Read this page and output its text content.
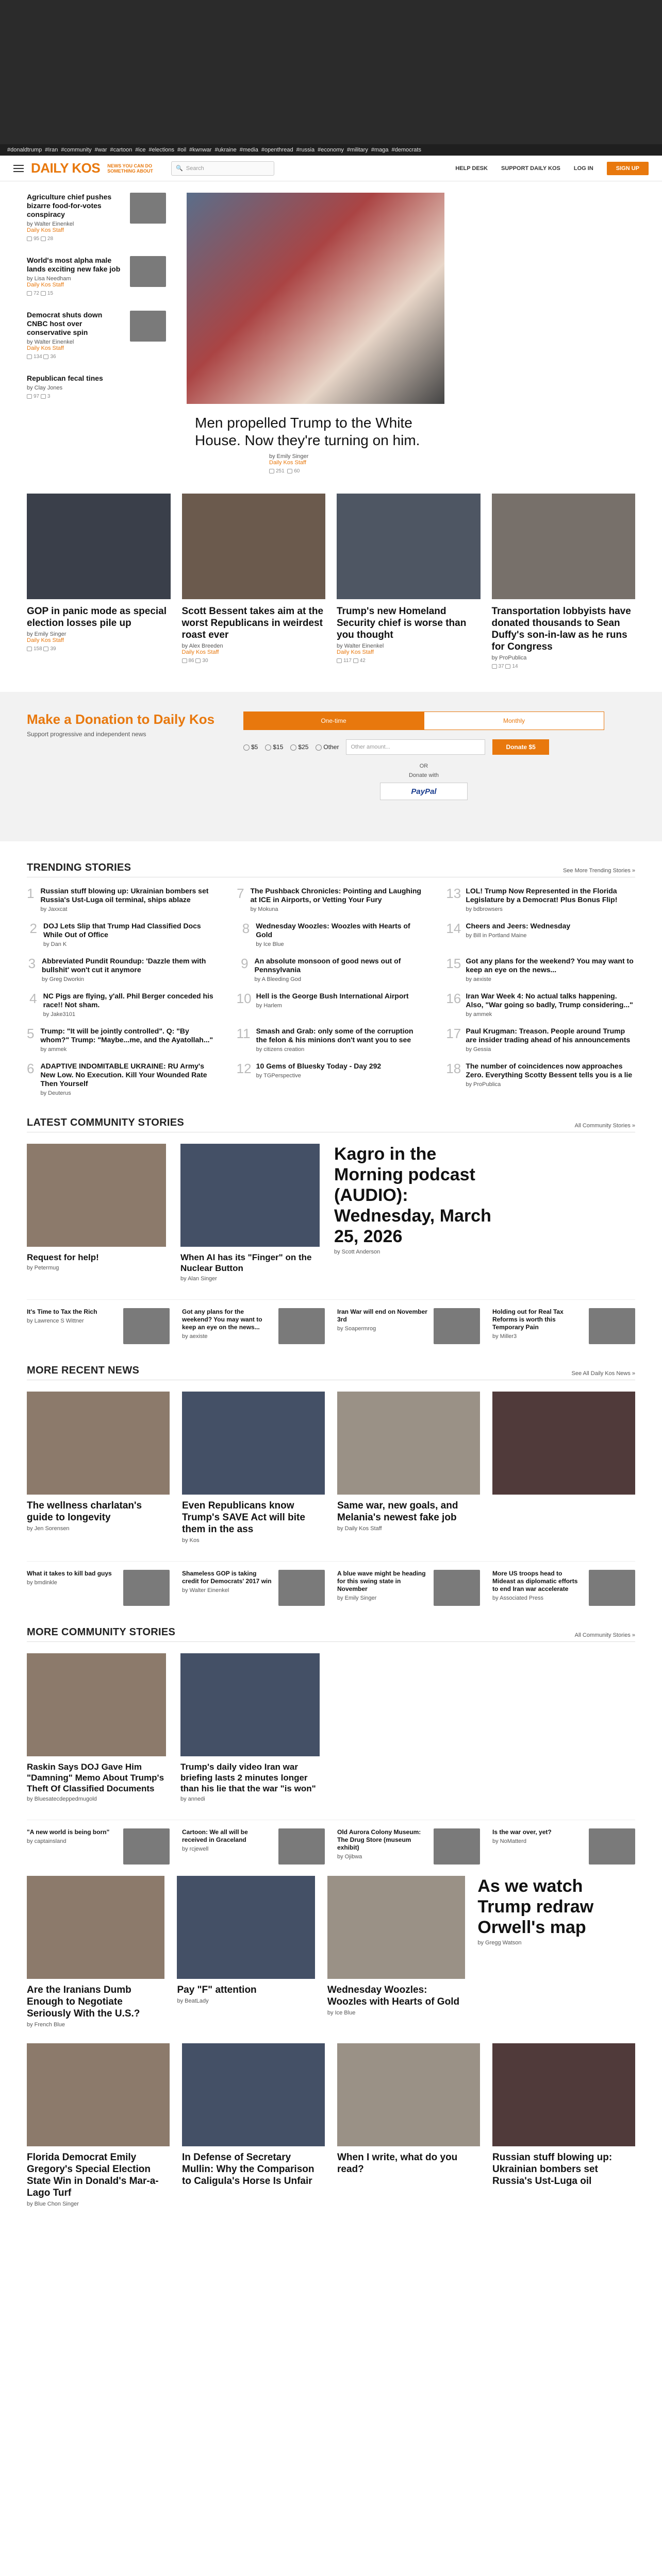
#donaldtrump #Iran #community #war #cartoon #ice #elections #oil #kwnwar #ukraine #media #openthread #russia #economy #military #maga #democrats
DAILY KOS NEWS YOU CAN DO SOMETHING ABOUT	🔍 Search	HELP DESK SUPPORT DAILY KOS LOG IN	SIGN UP
Agriculture chief pushes bizarre food-for-votes conspiracy
by Walter Einenkel
Daily Kos Staff
95 28
World's most alpha male lands exciting new fake job
by Lisa Needham
Daily Kos Staff
72 15
Democrat shuts down CNBC host over conservative spin
by Walter Einenkel
Daily Kos Staff
134 36
Republican fecal tines
by Clay Jones
97 3
Men propelled Trump to the White House. Now they're turning on him.
by Emily Singer
Daily Kos Staff
251 60
GOP in panic mode as special election losses pile up
by Emily Singer
Daily Kos Staff
158 39
Scott Bessent takes aim at the worst Republicans in weirdest roast ever
by Alex Breeden
Daily Kos Staff
86 30
Trump's new Homeland Security chief is worse than you thought
by Walter Einenkel
Daily Kos Staff
117 42
Transportation lobbyists have donated thousands to Sean Duffy's son-in-law as he runs for Congress
by ProPublica
37 14
Make a Donation to Daily Kos

Support progressive and independent news

One-time	Monthly
$5	$15	$25	Other	Other amount...	Donate $5
OR
Donate with
PayPal
TRENDING STORIES	See More Trending Stories »
1 Russian stuff blowing up: Ukrainian bombers set Russia's Ust-Luga oil terminal, ships ablaze
by Jaxxcat
7 The Pushback Chronicles: Pointing and Laughing at ICE in Airports, or Vetting Your Fury
by Mokuna
13 LOL! Trump Now Represented in the Florida Legislature by a Democrat! Plus Bonus Flip!
by bdbrowsers
2 DOJ Lets Slip that Trump Had Classified Docs While Out of Office
by Dan K
8 Wednesday Woozles: Woozles with Hearts of Gold
by Ice Blue
14 Cheers and Jeers: Wednesday
by Bill in Portland Maine
3 Abbreviated Pundit Roundup: 'Dazzle them with bullshit' won't cut it anymore
by Greg Dworkin
9 An absolute monsoon of good news out of Pennsylvania
by A Bleeding God
15 Got any plans for the weekend? You may want to keep an eye on the news...
by aexiste
4 NC Pigs are flying, y'all. Phil Berger conceded his race!! Not sham.
by Jake3101
10 Hell is the George Bush International Airport
by Harlem	16 Iran War Week 4: No actual talks happening. Also, "War going so badly, Trump considering..."
by ammek
5 Trump: "It will be jointly controlled". Q: "By whom?" Trump: "Maybe...me, and the Ayatollah..."
by ammek
11 Smash and Grab: only some of the corruption the felon & his minions don't want you to see
by citizens creation
17 Paul Krugman: Treason. People around Trump are insider trading ahead of his announcements
by Gessia
6 ADAPTIVE INDOMITABLE UKRAINE: RU Army's New Low. No Execution. Kill Your Wounded Rate Then Yourself
by Deuterus
12 10 Gems of Bluesky Today - Day 292
by TGPerspective	18 The number of coincidences now approaches Zero. Everything Scotty Bessent tells you is a lie
by ProPublica
LATEST COMMUNITY STORIES	All Community Stories »
Request for help!
by Petermug
When AI has its "Finger" on the Nuclear Button
by Alan Singer
Kagro in the Morning podcast (AUDIO): Wednesday, March 25, 2026
by Scott Anderson
It's Time to Tax the Rich
by Lawrence S Wittner
Got any plans for the weekend? You may want to keep an eye on the news...
by aexiste
Iran War will end on November 3rd
by Soapermrog
Holding out for Real Tax Reforms is worth this Temporary Pain
by Miller3
MORE RECENT NEWS	See All Daily Kos News »
The wellness charlatan's guide to longevity
by Jen Sorensen
Even Republicans know Trump's SAVE Act will bite them in the ass
by Kos
Same war, new goals, and Melania's newest fake job
by Daily Kos Staff
What it takes to kill bad guys
by bmdinkle
Shameless GOP is taking credit for Democrats' 2017 win
by Walter Einenkel
A blue wave might be heading for this swing state in November
by Emily Singer
More US troops head to Mideast as diplomatic efforts to end Iran war accelerate
by Associated Press
MORE COMMUNITY STORIES	All Community Stories »
Raskin Says DOJ Gave Him "Damning" Memo About Trump's Theft Of Classified Documents
by Bluesatecdeppedmugold
Trump's daily video Iran war briefing lasts 2 minutes longer than his lie that the war "is won"
by annedi
"A new world is being born"
by captainsland
Cartoon: We all will be received in Graceland
by rcjewell
Old Aurora Colony Museum: The Drug Store (museum exhibit)
by Ojibwa
Is the war over, yet?
by NoMatterd
Are the Iranians Dumb Enough to Negotiate Seriously With the U.S.?
by French Blue
Pay "F" attention
by BeatLady
Wednesday Woozles: Woozles with Hearts of Gold
by Ice Blue
As we watch Trump redraw Orwell's map
by Gregg Watson
Florida Democrat Emily Gregory's Special Election State Win in Donald's Mar-a-Lago Turf
by Blue Chon Singer
In Defense of Secretary Mullin: Why the Comparison to Caligula's Horse Is Unfair
When I write, what do you read?
Russian stuff blowing up: Ukrainian bombers set Russia's Ust-Luga oil
